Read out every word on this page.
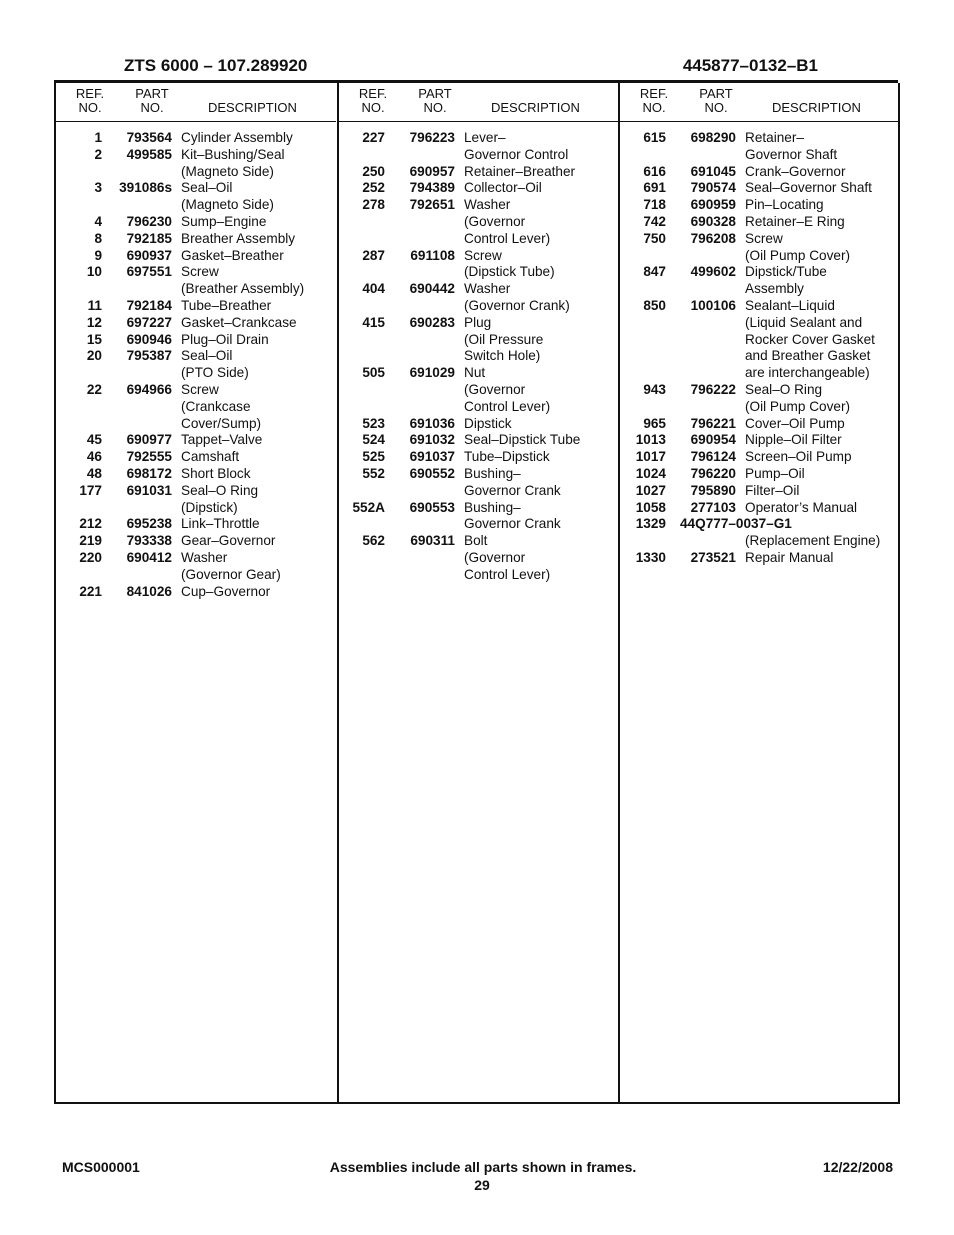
ZTS 6000 – 107.289920	445877–0132–B1
REF.
NO.
PART
NO.	DESCRIPTION
1	793564 Cylinder Assembly
2	499585 Kit–Bushing/Seal
(Magneto Side)
3	391086s Seal–Oil
(Magneto Side)
4	796230 Sump–Engine
8	792185 Breather Assembly
9	690937 Gasket–Breather
10	697551 Screw
(Breather Assembly)
11	792184 Tube–Breather
12	697227 Gasket–Crankcase
15	690946 Plug–Oil Drain
20	795387 Seal–Oil
(PTO Side)
22	694966 Screw
(Crankcase
Cover/Sump)
45	690977 Tappet–Valve
46	792555 Camshaft
48	698172 Short Block
177	691031 Seal–O Ring
(Dipstick)
212	695238 Link–Throttle
219	793338 Gear–Governor
220	690412 Washer
(Governor Gear)
221	841026 Cup–Governor
REF.
NO.
PART
NO.	DESCRIPTION
227	796223 Lever–
Governor Control
250	690957 Retainer–Breather
252	794389 Collector–Oil
278	792651 Washer
(Governor
Control Lever)
287	691108 Screw
(Dipstick Tube)
404	690442 Washer
(Governor Crank)
415	690283 Plug
(Oil Pressure
Switch Hole)
505	691029 Nut
(Governor
Control Lever)
523	691036 Dipstick
524	691032 Seal–Dipstick Tube
525	691037 Tube–Dipstick
552	690552 Bushing–
Governor Crank
552A	690553 Bushing–
Governor Crank
562	690311 Bolt
(Governor
Control Lever)
REF.
NO.
PART
NO.	DESCRIPTION
615	698290 Retainer–
Governor Shaft
616	691045 Crank–Governor
691	790574 Seal–Governor Shaft
718	690959 Pin–Locating
742	690328 Retainer–E Ring
750	796208 Screw
(Oil Pump Cover)
847	499602 Dipstick/Tube
Assembly
850	100106 Sealant–Liquid
(Liquid Sealant and
Rocker Cover Gasket
and Breather Gasket
are interchangeable)
943	796222 Seal–O Ring
(Oil Pump Cover)
965	796221 Cover–Oil Pump
1013	690954 Nipple–Oil Filter
1017	796124 Screen–Oil Pump
1024	796220 Pump–Oil
1027	795890 Filter–Oil
1058	277103 Operator’s Manual
1329 44Q777–0037–G1

(Replacement Engine)
1330	273521 Repair Manual
MCS000001	Assemblies include all parts shown in frames.	12/22/2008
29
